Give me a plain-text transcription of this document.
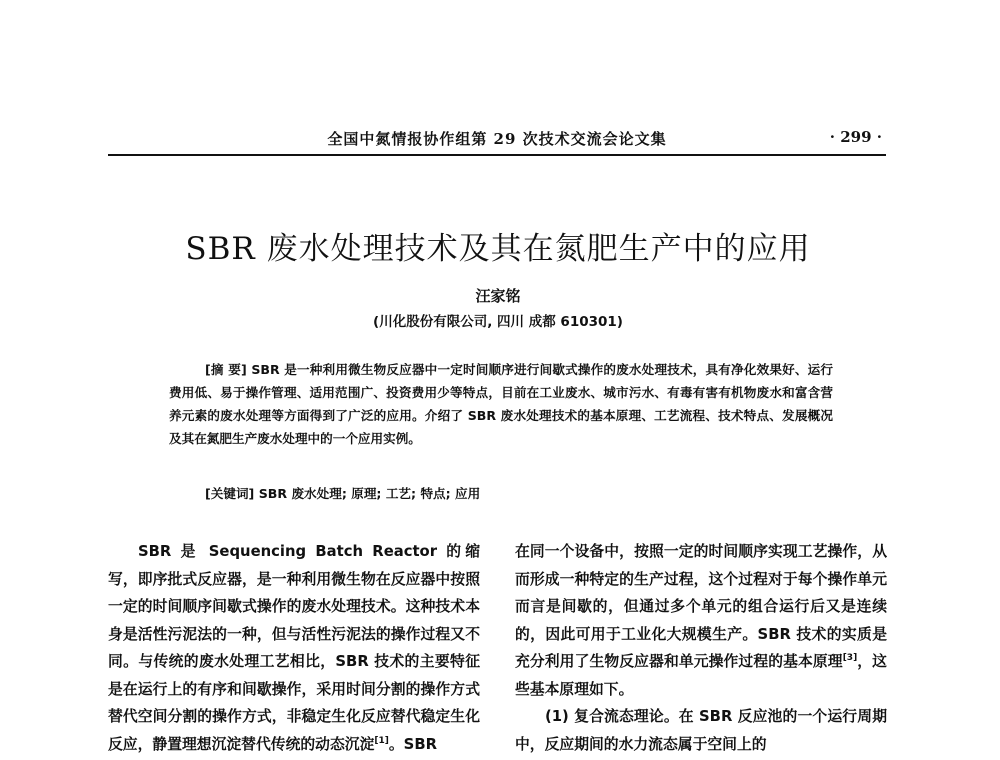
全国中氮情报协作组第 29 次技术交流会论文集	· 299 ·
SBR 废水处理技术及其在氮肥生产中的应用
汪家铭
(川化股份有限公司, 四川 成都 610301)

[摘 要] SBR 是一种利用微生物反应器中一定时间顺序进行间歇式操作的废水处理技术，具有净化效果好、运行费用低、易于操作管理、适用范围广、投资费用少等特点，目前在工业废水、城市污水、有毒有害有机物废水和富含营养元素的废水处理等方面得到了广泛的应用。介绍了 SBR 废水处理技术的基本原理、工艺流程、技术特点、发展概况及其在氮肥生产废水处理中的一个应用实例。

[关键词] SBR 废水处理; 原理; 工艺; 特点; 应用

SBR 是 Sequencing Batch Reactor 的缩写，即序批式反应器，是一种利用微生物在反应器中按照一定的时间顺序间歇式操作的废水处理技术。这种技术本身是活性污泥法的一种，但与活性污泥法的操作过程又不同。与传统的废水处理工艺相比，SBR 技术的主要特征是在运行上的有序和间歇操作，采用时间分割的操作方式替代空间分割的操作方式，非稳定生化反应替代稳定生化反应，静置理想沉淀替代传统的动态沉淀[1]。SBR

在同一个设备中，按照一定的时间顺序实现工艺操作，从而形成一种特定的生产过程，这个过程对于每个操作单元而言是间歇的，但通过多个单元的组合运行后又是连续的，因此可用于工业化大规模生产。SBR 技术的实质是充分利用了生物反应器和单元操作过程的基本原理[3]，这些基本原理如下。

(1) 复合流态理论。在 SBR 反应池的一个运行周期中，反应期间的水力流态属于空间上的
